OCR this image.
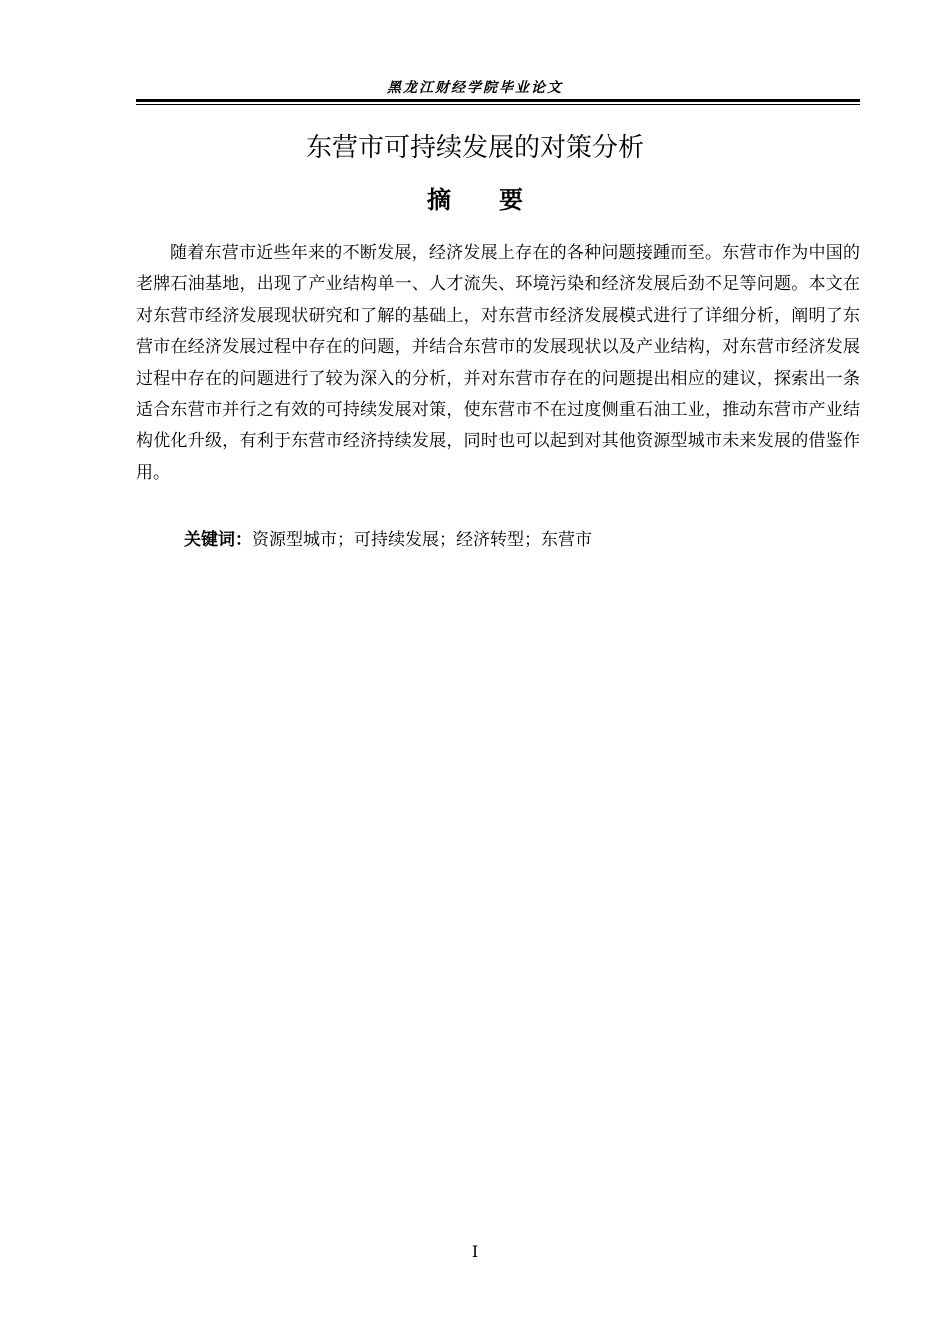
黑龙江财经学院毕业论文
东营市可持续发展的对策分析
摘要

随着东营市近些年来的不断发展，经济发展上存在的各种问题接踵而至。东营市作为中国的老牌石油基地，出现了产业结构单一、人才流失、环境污染和经济发展后劲不足等问题。本文在对东营市经济发展现状研究和了解的基础上，对东营市经济发展模式进行了详细分析，阐明了东营市在经济发展过程中存在的问题，并结合东营市的发展现状以及产业结构，对东营市经济发展过程中存在的问题进行了较为深入的分析，并对东营市存在的问题提出相应的建议，探索出一条适合东营市并行之有效的可持续发展对策，使东营市不在过度侧重石油工业，推动东营市产业结构优化升级，有利于东营市经济持续发展，同时也可以起到对其他资源型城市未来发展的借鉴作用。

关键词：资源型城市；可持续发展；经济转型；东营市
I
